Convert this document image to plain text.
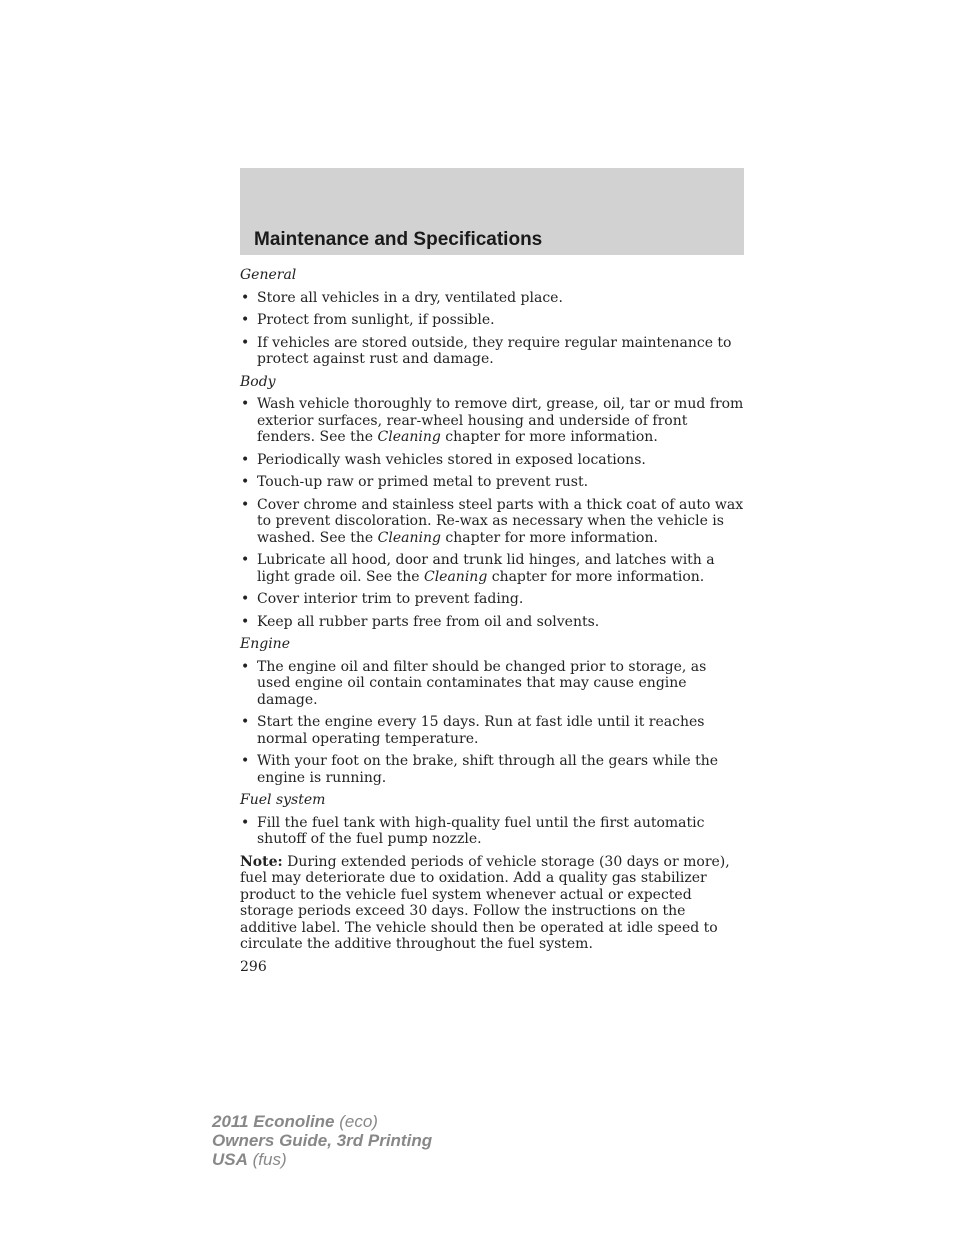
Maintenance and Specifications

General

• Store all vehicles in a dry, ventilated place.
• Protect from sunlight, if possible.
• If vehicles are stored outside, they require regular maintenance to protect against rust and damage.

Body

• Wash vehicle thoroughly to remove dirt, grease, oil, tar or mud from exterior surfaces, rear-wheel housing and underside of front fenders. See the Cleaning chapter for more information.
• Periodically wash vehicles stored in exposed locations.
• Touch-up raw or primed metal to prevent rust.
• Cover chrome and stainless steel parts with a thick coat of auto wax to prevent discoloration. Re-wax as necessary when the vehicle is washed. See the Cleaning chapter for more information.
• Lubricate all hood, door and trunk lid hinges, and latches with a light grade oil. See the Cleaning chapter for more information.
• Cover interior trim to prevent fading.
• Keep all rubber parts free from oil and solvents.

Engine

• The engine oil and filter should be changed prior to storage, as used engine oil contain contaminates that may cause engine damage.
• Start the engine every 15 days. Run at fast idle until it reaches normal operating temperature.
• With your foot on the brake, shift through all the gears while the engine is running.

Fuel system

• Fill the fuel tank with high-quality fuel until the first automatic shutoff of the fuel pump nozzle.

Note: During extended periods of vehicle storage (30 days or more), fuel may deteriorate due to oxidation. Add a quality gas stabilizer product to the vehicle fuel system whenever actual or expected storage periods exceed 30 days. Follow the instructions on the additive label. The vehicle should then be operated at idle speed to circulate the additive throughout the fuel system.

296
2011 Econoline (eco)
Owners Guide, 3rd Printing
USA (fus)
